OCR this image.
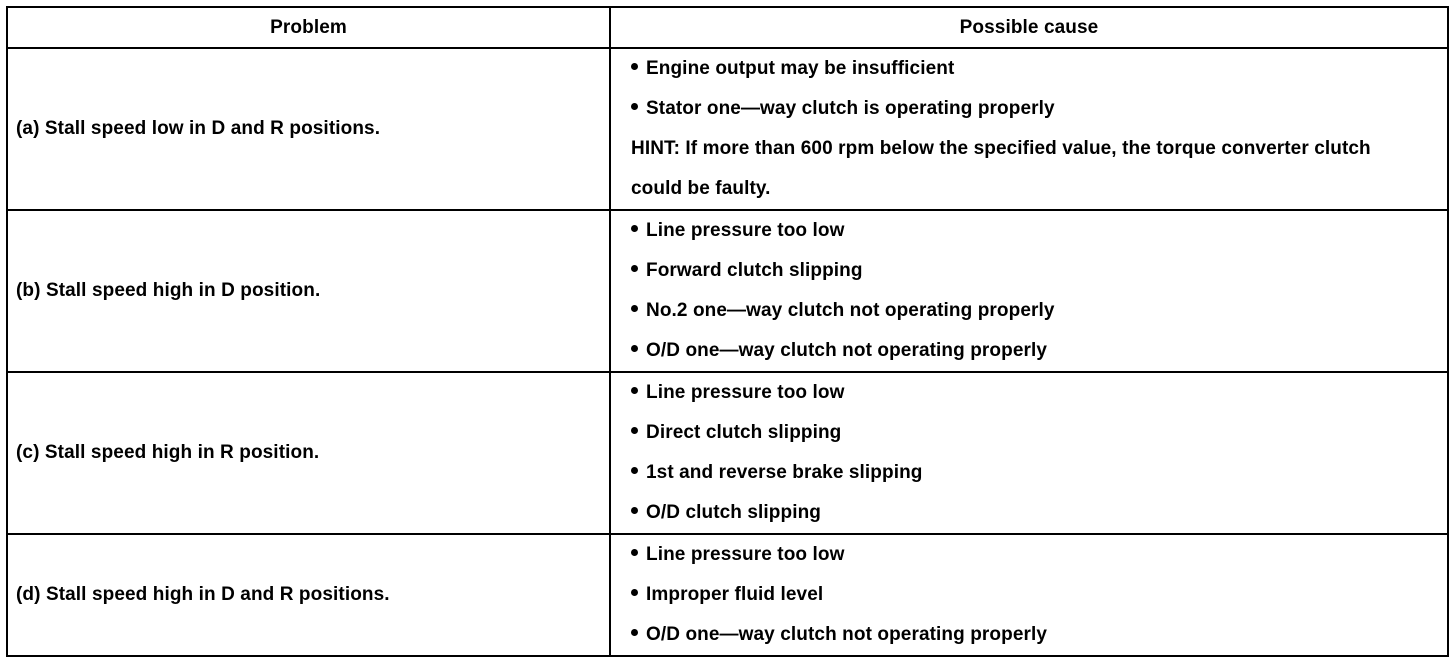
Problem	Possible cause
(a) Stall speed low in D and R positions.	Engine output may be insufficient
Stator one—way clutch is operating properly
HINT: If more than 600 rpm below the specified value, the torque converter clutch could be faulty.

(b) Stall speed high in D position.	Line pressure too low
Forward clutch slipping
No.2 one—way clutch not operating properly
O/D one—way clutch not operating properly

(c) Stall speed high in R position.	Line pressure too low
Direct clutch slipping
1st and reverse brake slipping
O/D clutch slipping

(d) Stall speed high in D and R positions.	Line pressure too low
Improper fluid level
O/D one—way clutch not operating properly
